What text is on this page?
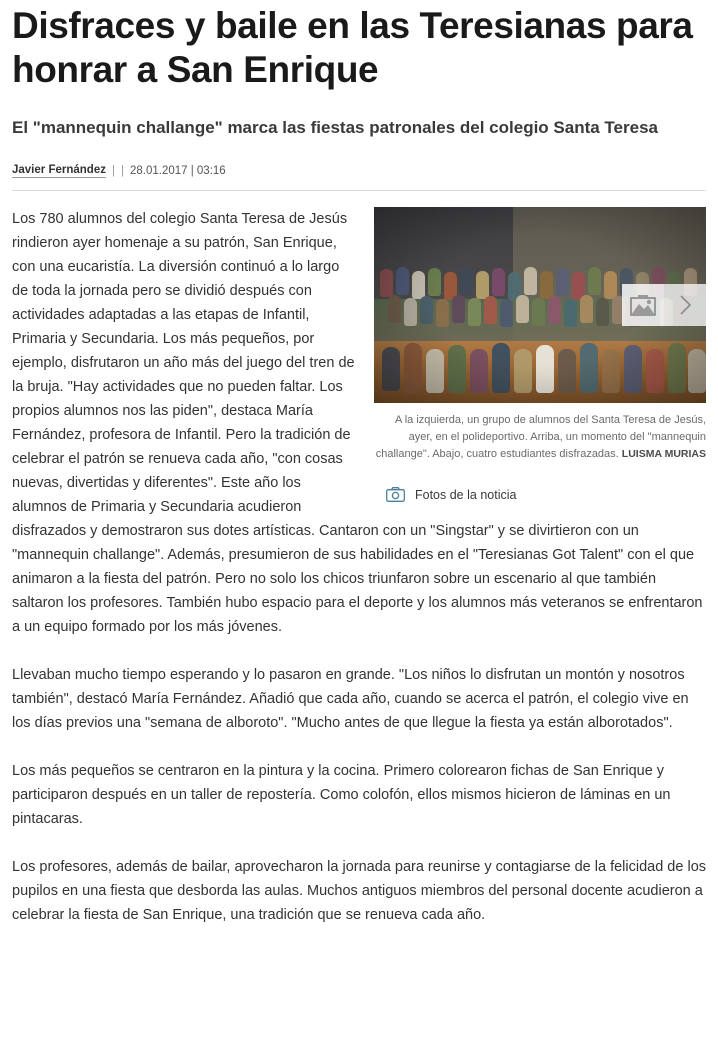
Disfraces y baile en las Teresianas para honrar a San Enrique
El "mannequin challange" marca las fiestas patronales del colegio Santa Teresa
Javier Fernández | | 28.01.2017 | 03:16
A la izquierda, un grupo de alumnos del Santa Teresa de Jesús, ayer, en el polideportivo. Arriba, un momento del "mannequin challange". Abajo, cuatro estudiantes disfrazadas. LUISMA MURIAS
Fotos de la noticia

Los 780 alumnos del colegio Santa Teresa de Jesús rindieron ayer homenaje a su patrón, San Enrique, con una eucaristía. La diversión continuó a lo largo de toda la jornada pero se dividió después con actividades adaptadas a las etapas de Infantil, Primaria y Secundaria. Los más pequeños, por ejemplo, disfrutaron un año más del juego del tren de la bruja. "Hay actividades que no pueden faltar. Los propios alumnos nos las piden", destaca María Fernández, profesora de Infantil. Pero la tradición de celebrar el patrón se renueva cada año, "con cosas nuevas, divertidas y diferentes". Este año los alumnos de Primaria y Secundaria acudieron disfrazados y demostraron sus dotes artísticas. Cantaron con un "Singstar" y se divirtieron con un "mannequin challange". Además, presumieron de sus habilidades en el "Teresianas Got Talent" con el que animaron a la fiesta del patrón. Pero no solo los chicos triunfaron sobre un escenario al que también saltaron los profesores. También hubo espacio para el deporte y los alumnos más veteranos se enfrentaron a un equipo formado por los más jóvenes.

Llevaban mucho tiempo esperando y lo pasaron en grande. "Los niños lo disfrutan un montón y nosotros también", destacó María Fernández. Añadió que cada año, cuando se acerca el patrón, el colegio vive en los días previos una "semana de alboroto". "Mucho antes de que llegue la fiesta ya están alborotados".

Los más pequeños se centraron en la pintura y la cocina. Primero colorearon fichas de San Enrique y participaron después en un taller de repostería. Como colofón, ellos mismos hicieron de láminas en un pintacaras.

Los profesores, además de bailar, aprovecharon la jornada para reunirse y contagiarse de la felicidad de los pupilos en una fiesta que desborda las aulas. Muchos antiguos miembros del personal docente acudieron a celebrar la fiesta de San Enrique, una tradición que se renueva cada año.
